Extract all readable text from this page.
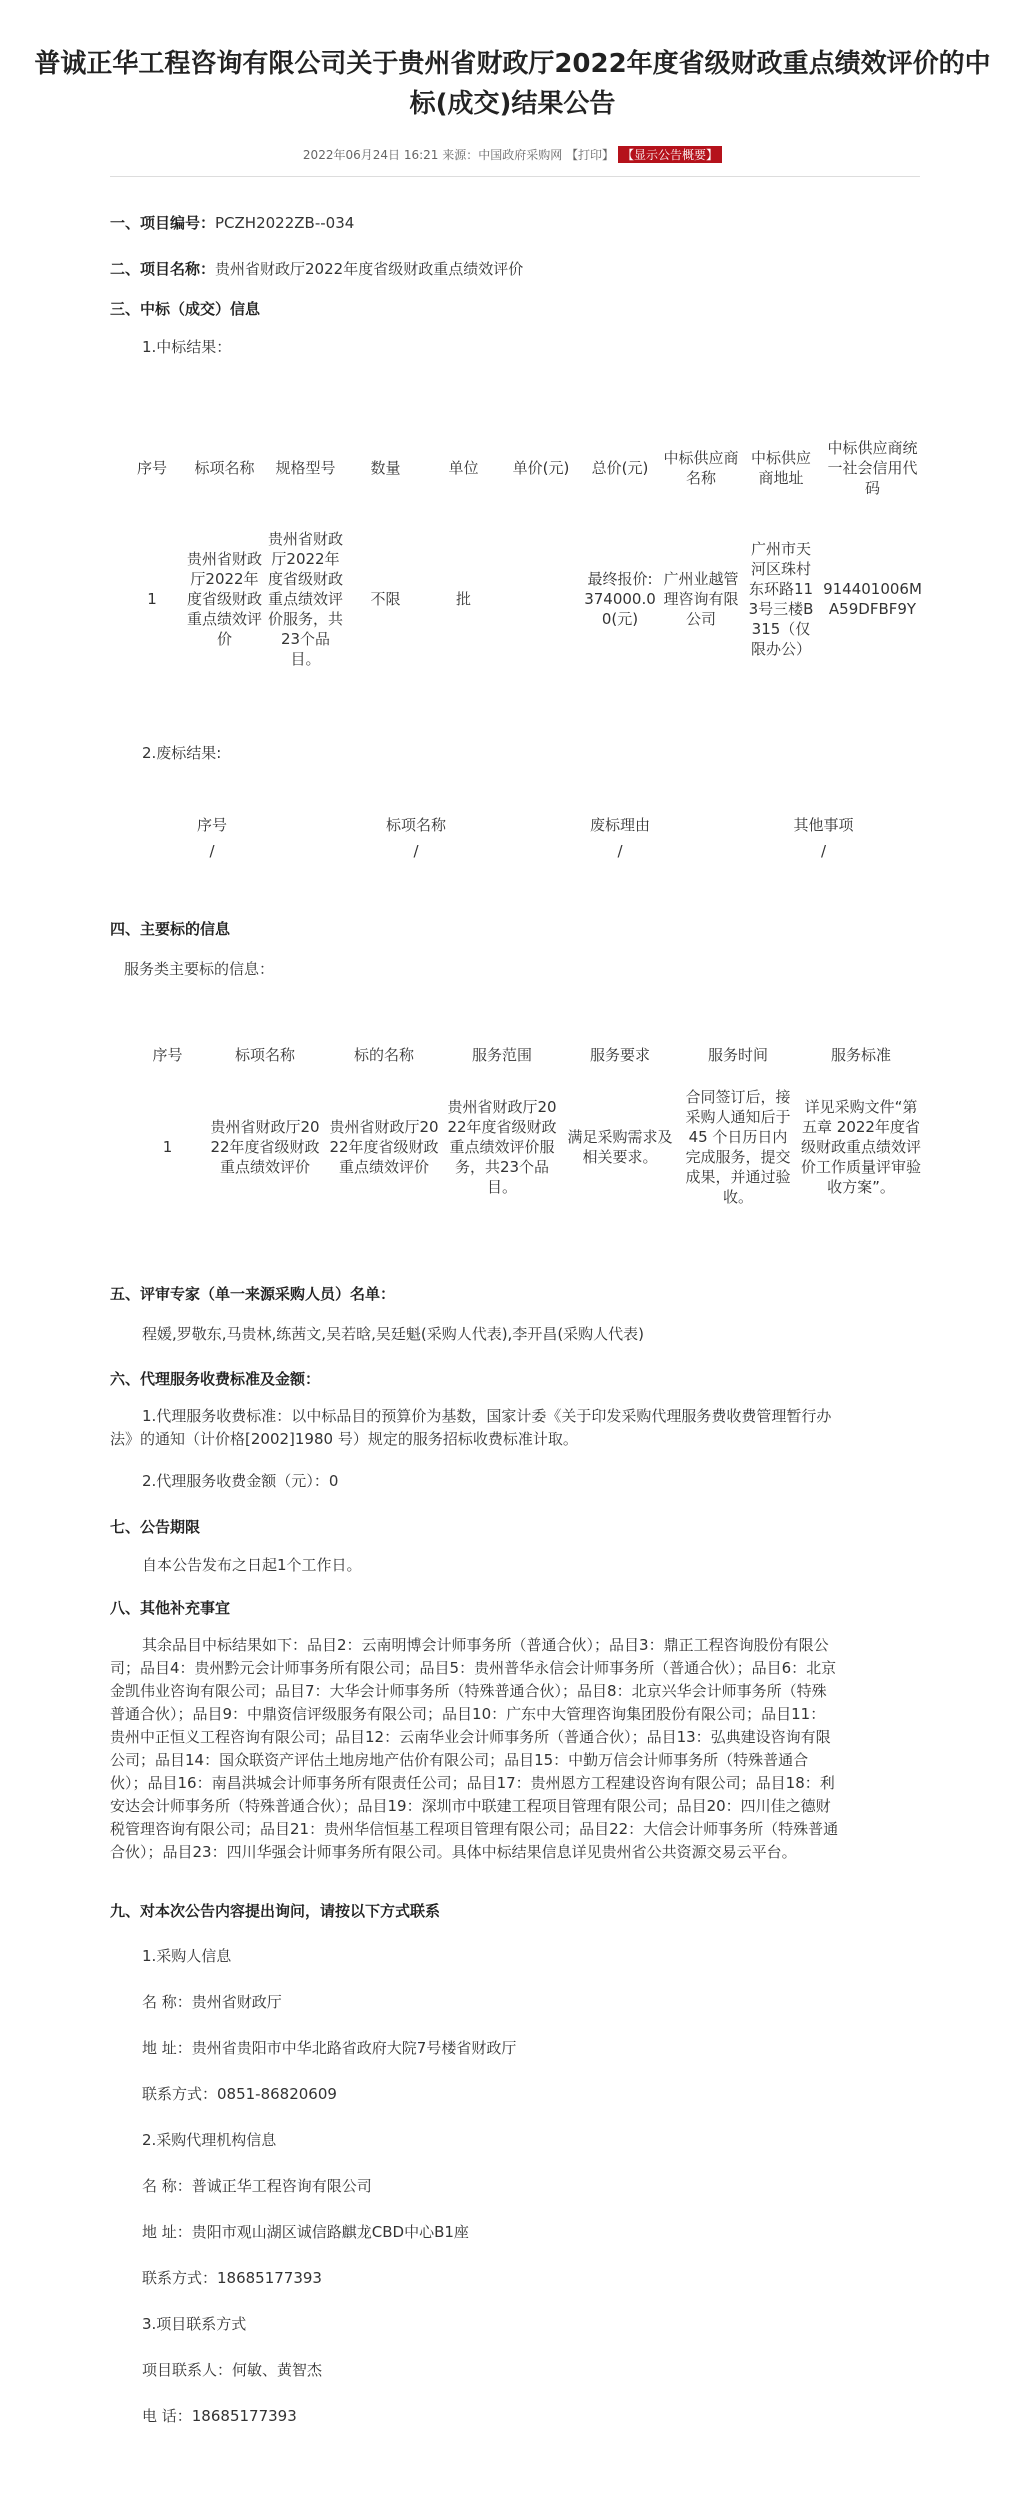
普诚正华工程咨询有限公司关于贵州省财政厅2022年度省级财政重点绩效评价的中
标(成交)结果公告
2022年06月24日 16:21 来源：中国政府采购网 【打印】 【显示公告概要】
一、项目编号：PCZH2022ZB--034
二、项目名称：贵州省财政厅2022年度省级财政重点绩效评价
三、中标（成交）信息
1.中标结果：
序号	标项名称	规格型号	数量	单位	单价(元)	总价(元)	中标供应商名称	中标供应商地址	中标供应商统一社会信用代码
1	贵州省财政厅2022年度省级财政重点绩效评价	贵州省财政厅2022年度省级财政重点绩效评价服务，共23个品目。	不限	批		最终报价:374000.00(元)	广州业越管理咨询有限公司	广州市天河区珠村东环路113号三楼B315（仅限办公）	914401006MA59DFBF9Y
2.废标结果:
序号	标项名称	废标理由	其他事项
/	/	/	/
四、主要标的信息
服务类主要标的信息：
序号	标项名称	标的名称	服务范围	服务要求	服务时间	服务标准
1	贵州省财政厅2022年度省级财政重点绩效评价	贵州省财政厅2022年度省级财政重点绩效评价	贵州省财政厅2022年度省级财政重点绩效评价服务，共23个品目。	满足采购需求及相关要求。	合同签订后，接采购人通知后于 45 个日历日内完成服务，提交成果，并通过验收。	详见采购文件“第五章 2022年度省级财政重点绩效评价工作质量评审验收方案”。
五、评审专家（单一来源采购人员）名单：
程媛,罗敬东,马贵林,练茜文,吴若晗,吴廷魁(采购人代表),李开昌(采购人代表)
六、代理服务收费标准及金额：
1.代理服务收费标准：以中标品目的预算价为基数，国家计委《关于印发采购代理服务费收费管理暂行办
法》的通知（计价格[2002]1980 号）规定的服务招标收费标准计取。
2.代理服务收费金额（元）：0
七、公告期限
自本公告发布之日起1个工作日。
八、其他补充事宜
其余品目中标结果如下：品目2：云南明博会计师事务所（普通合伙）；品目3：鼎正工程咨询股份有限公
司；品目4：贵州黔元会计师事务所有限公司；品目5：贵州普华永信会计师事务所（普通合伙）；品目6：北京
金凯伟业咨询有限公司；品目7：大华会计师事务所（特殊普通合伙）；品目8：北京兴华会计师事务所（特殊
普通合伙）；品目9：中鼎资信评级服务有限公司；品目10：广东中大管理咨询集团股份有限公司；品目11：
贵州中正恒义工程咨询有限公司；品目12：云南华业会计师事务所（普通合伙）；品目13：弘典建设咨询有限
公司；品目14：国众联资产评估土地房地产估价有限公司；品目15：中勤万信会计师事务所（特殊普通合
伙）；品目16：南昌洪城会计师事务所有限责任公司；品目17：贵州恩方工程建设咨询有限公司；品目18：利
安达会计师事务所（特殊普通合伙）；品目19：深圳市中联建工程项目管理有限公司；品目20：四川佳之德财
税管理咨询有限公司；品目21：贵州华信恒基工程项目管理有限公司；品目22：大信会计师事务所（特殊普通
合伙）；品目23：四川华强会计师事务所有限公司。具体中标结果信息详见贵州省公共资源交易云平台。
九、对本次公告内容提出询问，请按以下方式联系
1.采购人信息
名 称：贵州省财政厅
地 址：贵州省贵阳市中华北路省政府大院7号楼省财政厅
联系方式：0851-86820609
2.采购代理机构信息
名 称：普诚正华工程咨询有限公司
地 址：贵阳市观山湖区诚信路麒龙CBD中心B1座
联系方式：18685177393
3.项目联系方式
项目联系人：何敏、黄智杰
电 话：18685177393
